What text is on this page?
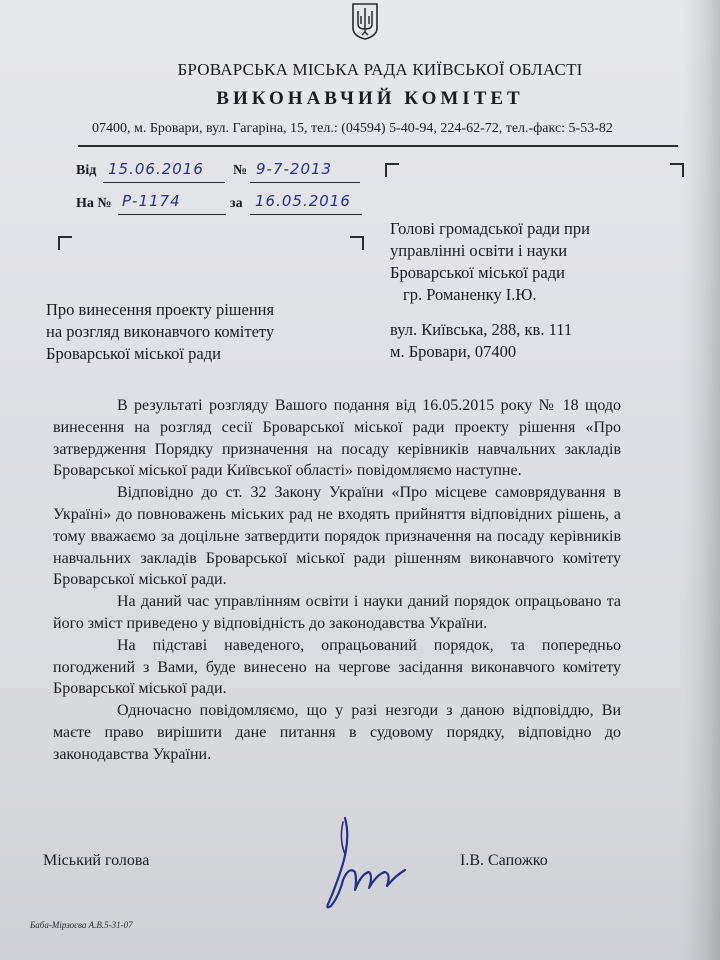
БРОВАРСЬКА МІСЬКА РАДА КИЇВСЬКОЇ ОБЛАСТІ
ВИКОНАВЧИЙ КОМІТЕТ
07400, м. Бровари, вул. Гагаріна, 15, тел.: (04594) 5-40-94, 224-62-72, тел.-факс: 5-53-82
Від 15.06.2016 № 9-7-2013
На № Р-1174	за 16.05.2016
Голові громадської ради при
управлінні освіти і науки
Броварської міської ради
гр. Романенку І.Ю.
вул. Київська, 288, кв. 111
м. Бровари, 07400
Про винесення проекту рішення
на розгляд виконавчого комітету
Броварської міської ради

В результаті розгляду Вашого подання від 16.05.2015 року № 18 щодо винесення на розгляд сесії Броварської міської ради проекту рішення «Про затвердження Порядку призначення на посаду керівників навчальних закладів Броварської міської ради Київської області» повідомляємо наступне.

Відповідно до ст. 32 Закону України «Про місцеве самоврядування в Україні» до повноважень міських рад не входять прийняття відповідних рішень, а тому вважаємо за доцільне затвердити порядок призначення на посаду керівників навчальних закладів Броварської міської ради рішенням виконавчого комітету Броварської міської ради.

На даний час управлінням освіти і науки даний порядок опрацьовано та його зміст приведено у відповідність до законодавства України.

На підставі наведеного, опрацьований порядок, та попередньо погоджений з Вами, буде винесено на чергове засідання виконавчого комітету Броварської міської ради.

Одночасно повідомляємо, що у разі незгоди з даною відповіддю, Ви маєте право вирішити дане питання в судовому порядку, відповідно до законодавства України.

Міський голова	І.В. Сапожко
Баба-Мірзоєва А.В.5-31-07
